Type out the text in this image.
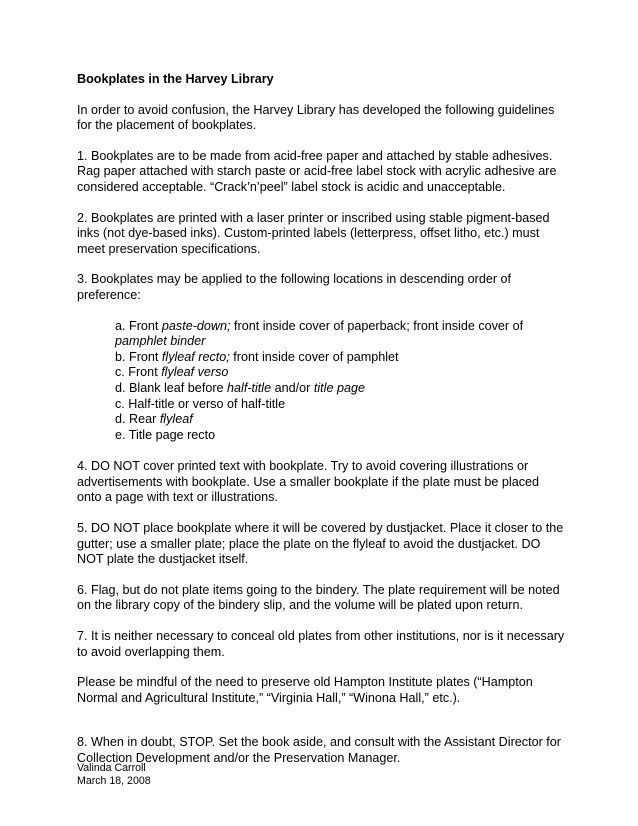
Bookplates in the Harvey Library

In order to avoid confusion, the Harvey Library has developed the following guidelines for the placement of bookplates.

1. Bookplates are to be made from acid-free paper and attached by stable adhesives. Rag paper attached with starch paste or acid-free label stock with acrylic adhesive are considered acceptable. “Crack’n’peel” label stock is acidic and unacceptable.

2. Bookplates are printed with a laser printer or inscribed using stable pigment-based inks (not dye-based inks). Custom-printed labels (letterpress, offset litho, etc.) must meet preservation specifications.

3. Bookplates may be applied to the following locations in descending order of preference:

a. Front paste-down; front inside cover of paperback; front inside cover of
pamphlet binder
b. Front flyleaf recto; front inside cover of pamphlet
c. Front flyleaf verso
d. Blank leaf before half-title and/or title page
c. Half-title or verso of half-title
d. Rear flyleaf
e. Title page recto

4. DO NOT cover printed text with bookplate. Try to avoid covering illustrations or advertisements with bookplate. Use a smaller bookplate if the plate must be placed onto a page with text or illustrations.

5. DO NOT place bookplate where it will be covered by dustjacket. Place it closer to the gutter; use a smaller plate; place the plate on the flyleaf to avoid the dustjacket. DO NOT plate the dustjacket itself.

6. Flag, but do not plate items going to the bindery. The plate requirement will be noted on the library copy of the bindery slip, and the volume will be plated upon return.

7. It is neither necessary to conceal old plates from other institutions, nor is it necessary to avoid overlapping them.

Please be mindful of the need to preserve old Hampton Institute plates (“Hampton Normal and Agricultural Institute,” “Virginia Hall,” “Winona Hall,” etc.).

8. When in doubt, STOP. Set the book aside, and consult with the Assistant Director for Collection Development and/or the Preservation Manager.

Valinda Carroll
March 18, 2008
